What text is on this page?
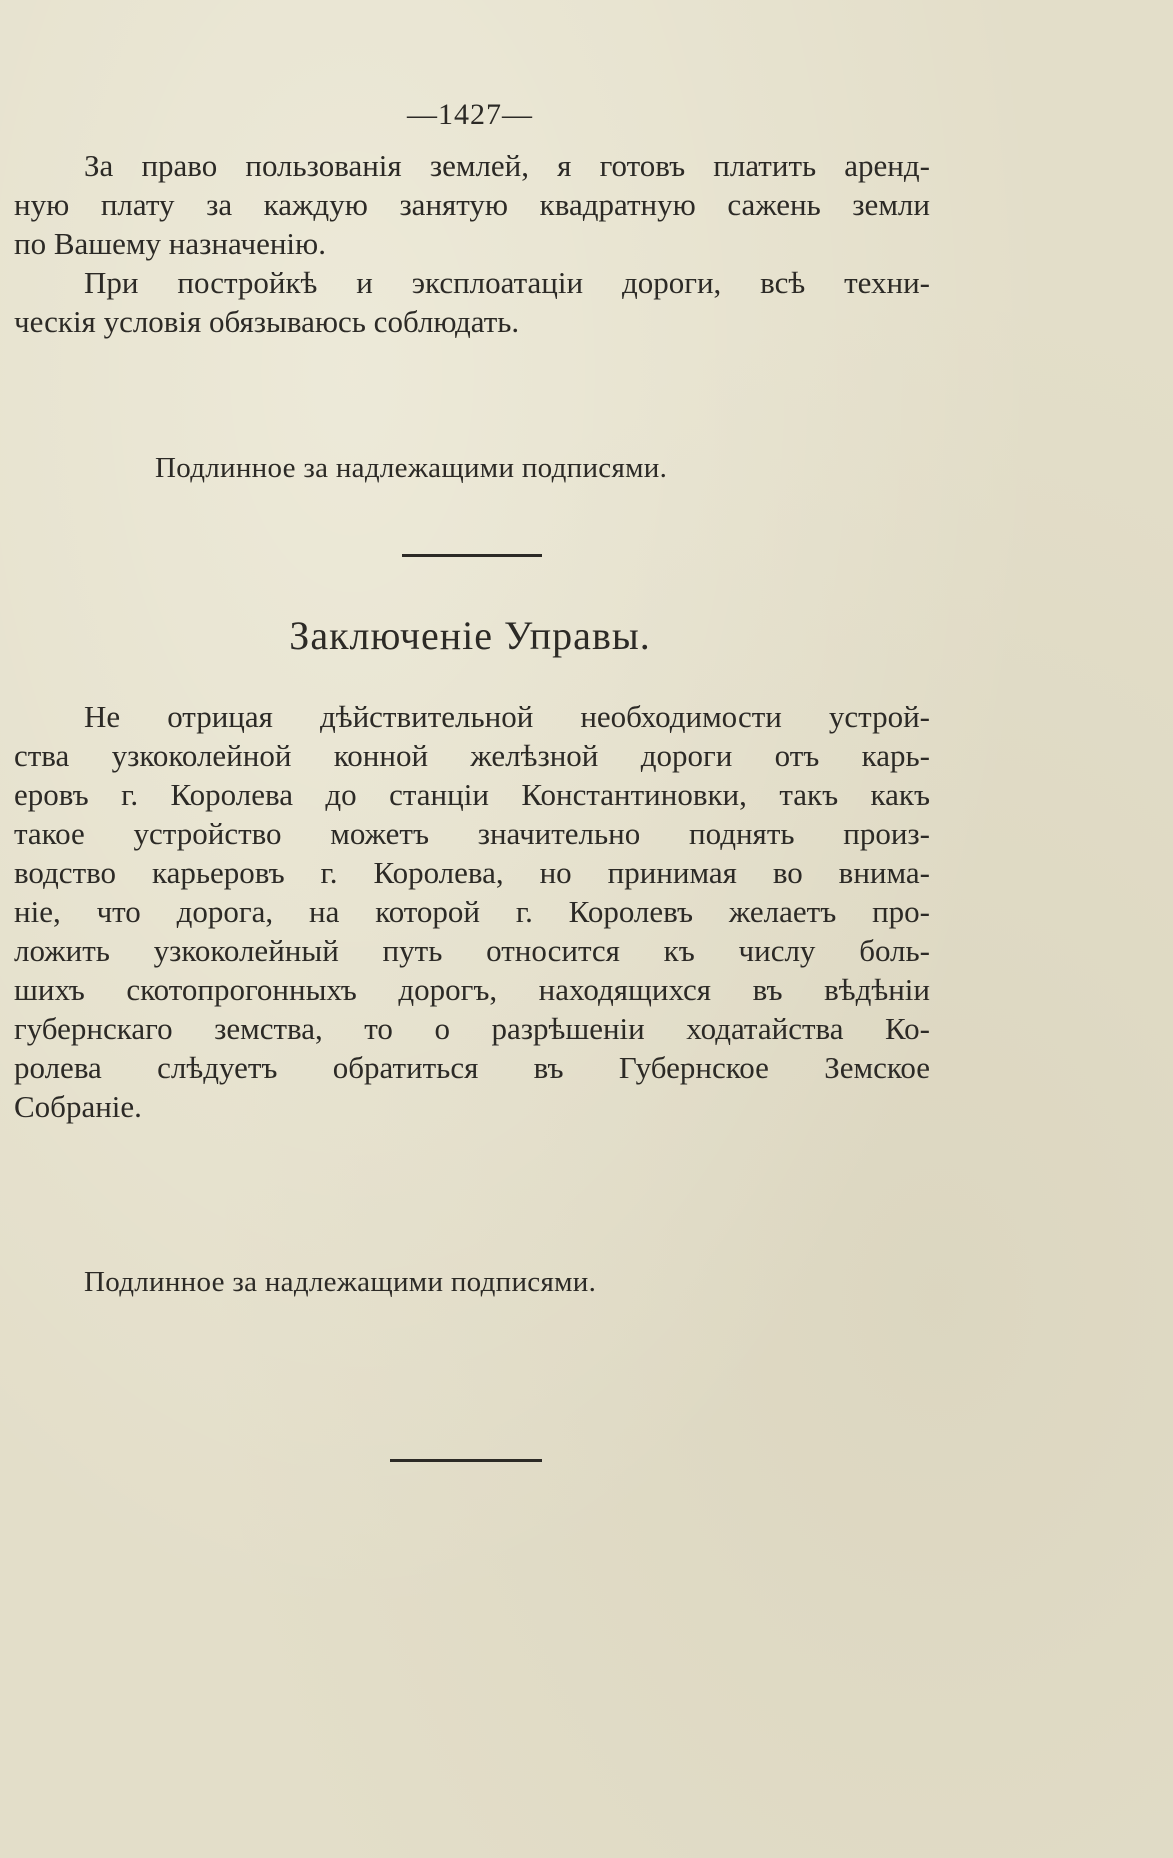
—1427—
За право пользованія землей, я готовъ платить аренд-
ную плату за каждую занятую квадратную сажень земли
по Вашему назначенію.
При постройкѣ и эксплоатаціи дороги, всѣ техни-
ческія условія обязываюсь соблюдать.
Подлинное за надлежащими подписями.
Заключеніе Управы.
Не отрицая дѣйствительной необходимости устрой-
ства узкоколейной конной желѣзной дороги отъ карь-
еровъ г. Королева до станціи Константиновки, такъ какъ
такое устройство можетъ значительно поднять произ-
водство карьеровъ г. Королева, но принимая во внима-
ніе, что дорога, на которой г. Королевъ желаетъ про-
ложить узкоколейный путь относится къ числу боль-
шихъ скотопрогонныхъ дорогъ, находящихся въ вѣдѣніи
губернскаго земства, то о разрѣшеніи ходатайства Ко-
ролева слѣдуетъ обратиться въ Губернское Земское
Собраніе.
Подлинное за надлежащими подписями.
